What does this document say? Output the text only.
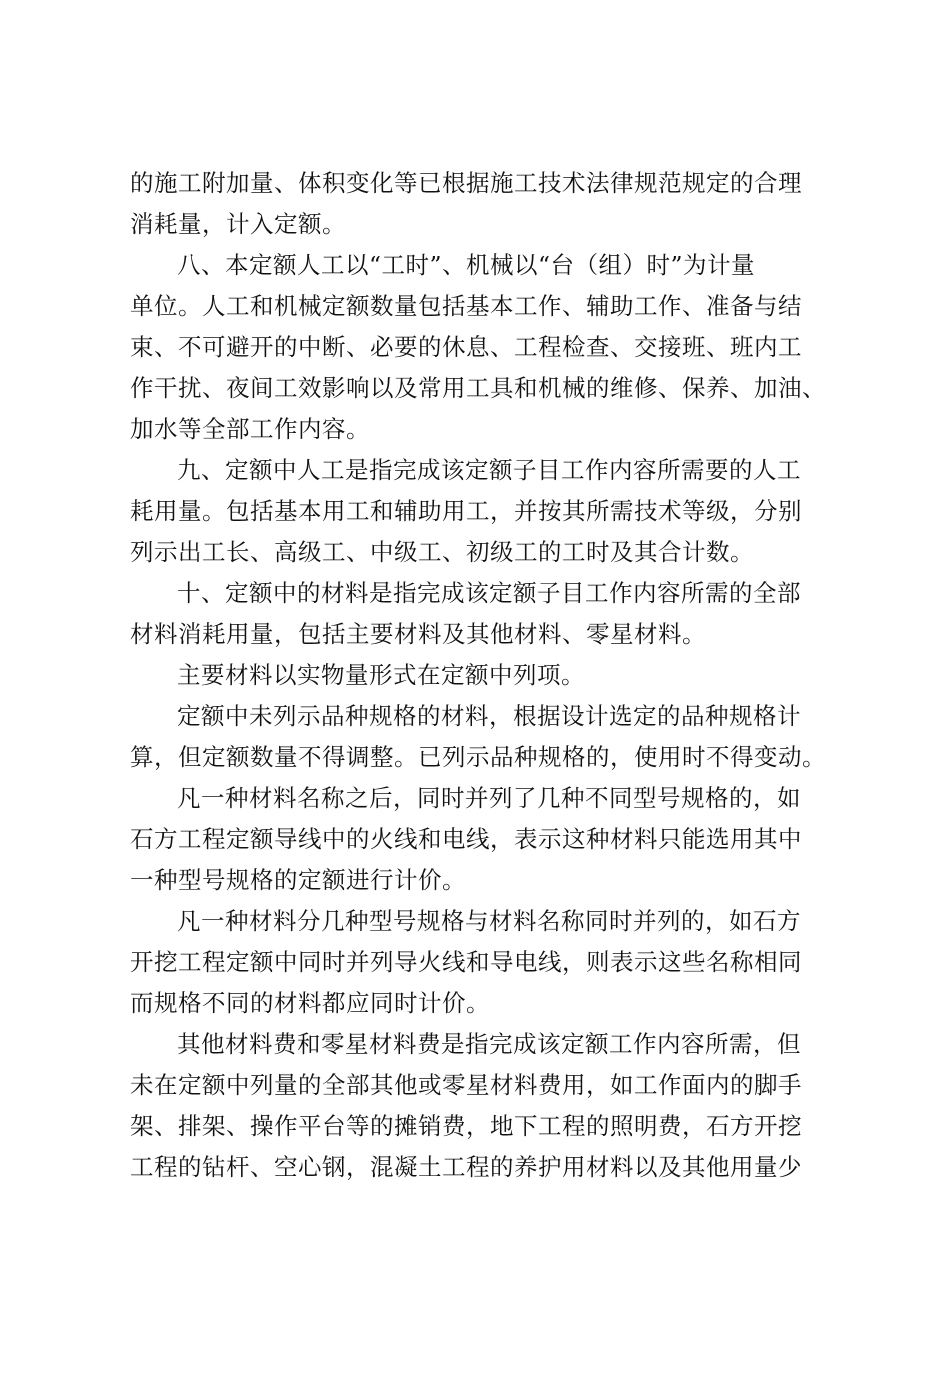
的施工附加量、体积变化等已根据施工技术法律规范规定的合理
消耗量，计入定额。
八、本定额人工以“工时”、机械以“台（组）时”为计量
单位。人工和机械定额数量包括基本工作、辅助工作、准备与结
束、不可避开的中断、必要的休息、工程检查、交接班、班内工
作干扰、夜间工效影响以及常用工具和机械的维修、保养、加油、
加水等全部工作内容。
九、定额中人工是指完成该定额子目工作内容所需要的人工
耗用量。包括基本用工和辅助用工，并按其所需技术等级，分别
列示出工长、高级工、中级工、初级工的工时及其合计数。
十、定额中的材料是指完成该定额子目工作内容所需的全部
材料消耗用量，包括主要材料及其他材料、零星材料。
主要材料以实物量形式在定额中列项。
定额中未列示品种规格的材料，根据设计选定的品种规格计
算，但定额数量不得调整。已列示品种规格的，使用时不得变动。
凡一种材料名称之后，同时并列了几种不同型号规格的，如
石方工程定额导线中的火线和电线，表示这种材料只能选用其中
一种型号规格的定额进行计价。
凡一种材料分几种型号规格与材料名称同时并列的，如石方
开挖工程定额中同时并列导火线和导电线，则表示这些名称相同
而规格不同的材料都应同时计价。
其他材料费和零星材料费是指完成该定额工作内容所需，但
未在定额中列量的全部其他或零星材料费用，如工作面内的脚手
架、排架、操作平台等的摊销费，地下工程的照明费，石方开挖
工程的钻杆、空心钢，混凝土工程的养护用材料以及其他用量少
